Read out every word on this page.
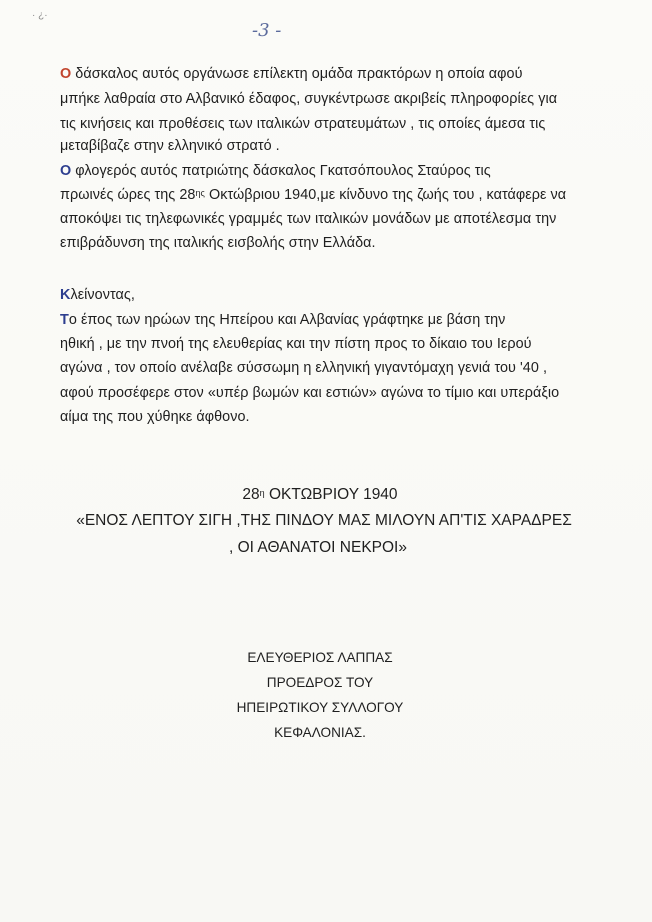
· ¿·
-3 -
Ο δάσκαλος αυτός οργάνωσε επίλεκτη ομάδα πρακτόρων η οποία αφού
μπήκε λαθραία στο Αλβανικό έδαφος, συγκέντρωσε ακριβείς πληροφορίες για
τις κινήσεις και προθέσεις των ιταλικών στρατευμάτων , τις οποίες άμεσα τις
μεταβίβαζε στην ελληνικό στρατό .
Ο φλογερός αυτός πατριώτης δάσκαλος Γκατσόπουλος Σταύρος τις
πρωινές ώρες της $28^{\eta\varsigma}$ Οκτώβριου 1940,με κίνδυνο της ζωής του , κατάφερε να
αποκόψει τις τηλεφωνικές γραμμές των ιταλικών μονάδων με αποτέλεσμα την
επιβράδυνση της ιταλικής εισβολής στην Ελλάδα.
Κλείνοντας,
Το έπος των ηρώων της Ηπείρου και Αλβανίας γράφτηκε με βάση την
ηθική , με την πνοή της ελευθερίας και την πίστη προς το δίκαιο του Ιερού
αγώνα , τον οποίο ανέλαβε σύσσωμη η ελληνική γιγαντόμαχη γενιά του '40 ,
αφού προσέφερε στον «υπέρ βωμών και εστιών» αγώνα το τίμιο και υπεράξιο
αίμα της που χύθηκε άφθονο.
$28^\eta$ ΟΚΤΩΒΡΙΟΥ 1940
«ΕΝΟΣ ΛΕΠΤΟΥ ΣΙΓΗ ,ΤΗΣ ΠΙΝΔΟΥ ΜΑΣ ΜΙΛΟΥΝ ΑΠ'ΤΙΣ ΧΑΡΑΔΡΕΣ
, ΟΙ ΑΘΑΝΑΤΟΙ ΝΕΚΡΟΙ»
ΕΛΕΥΘΕΡΙΟΣ ΛΑΠΠΑΣ
ΠΡΟΕΔΡΟΣ ΤΟΥ
ΗΠΕΙΡΩΤΙΚΟΥ ΣΥΛΛΟΓΟΥ
ΚΕΦΑΛΟΝΙΑΣ.
